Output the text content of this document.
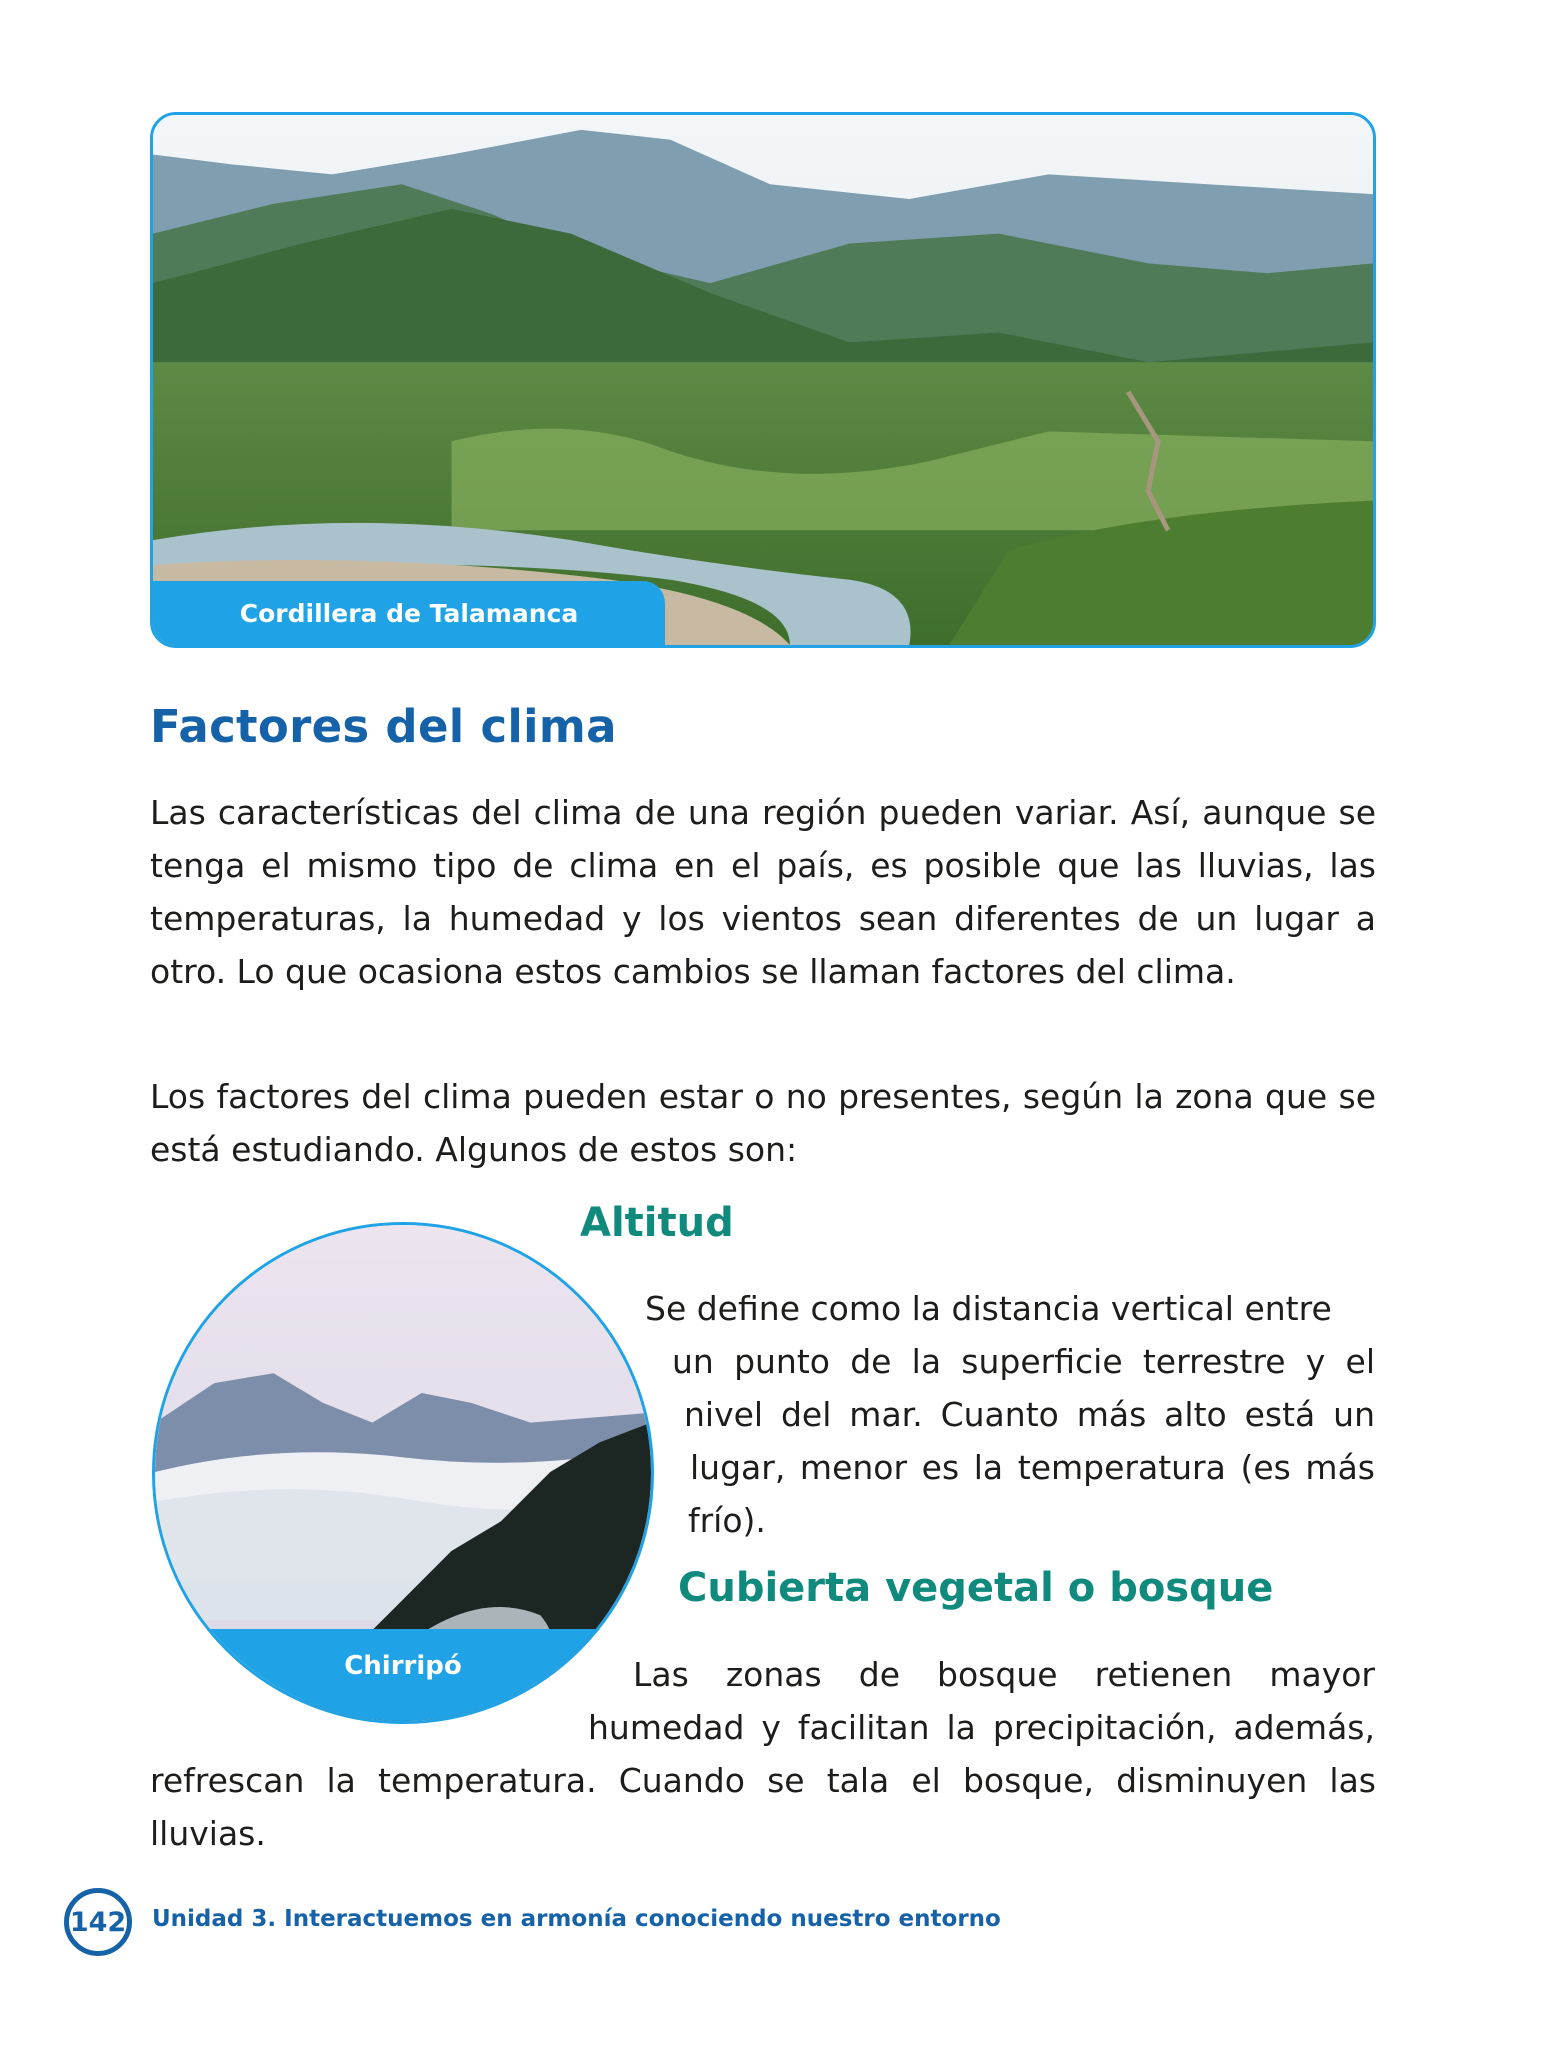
Cordillera de Talamanca
Factores del clima

Las características del clima de una región pueden variar. Así, aunque se tenga el mismo tipo de clima en el país, es posible que las lluvias, las temperaturas, la humedad y los vientos sean diferentes de un lugar a otro. Lo que ocasiona estos cambios se llaman factores del clima.

Los factores del clima pueden estar o no presentes, según la zona que se está estudiando. Algunos de estos son:

Chirripó
Altitud

Se define como la distancia vertical entre

un punto de la superficie terrestre y el

nivel del mar. Cuanto más alto está un

lugar, menor es la temperatura (es más

frío).

Cubierta vegetal o bosque

Las zonas de bosque retienen mayor

humedad y facilitan la precipitación, además,

refrescan la temperatura. Cuando se tala el bosque, disminuyen las

lluvias.

142 Unidad 3. Interactuemos en armonía conociendo nuestro entorno
